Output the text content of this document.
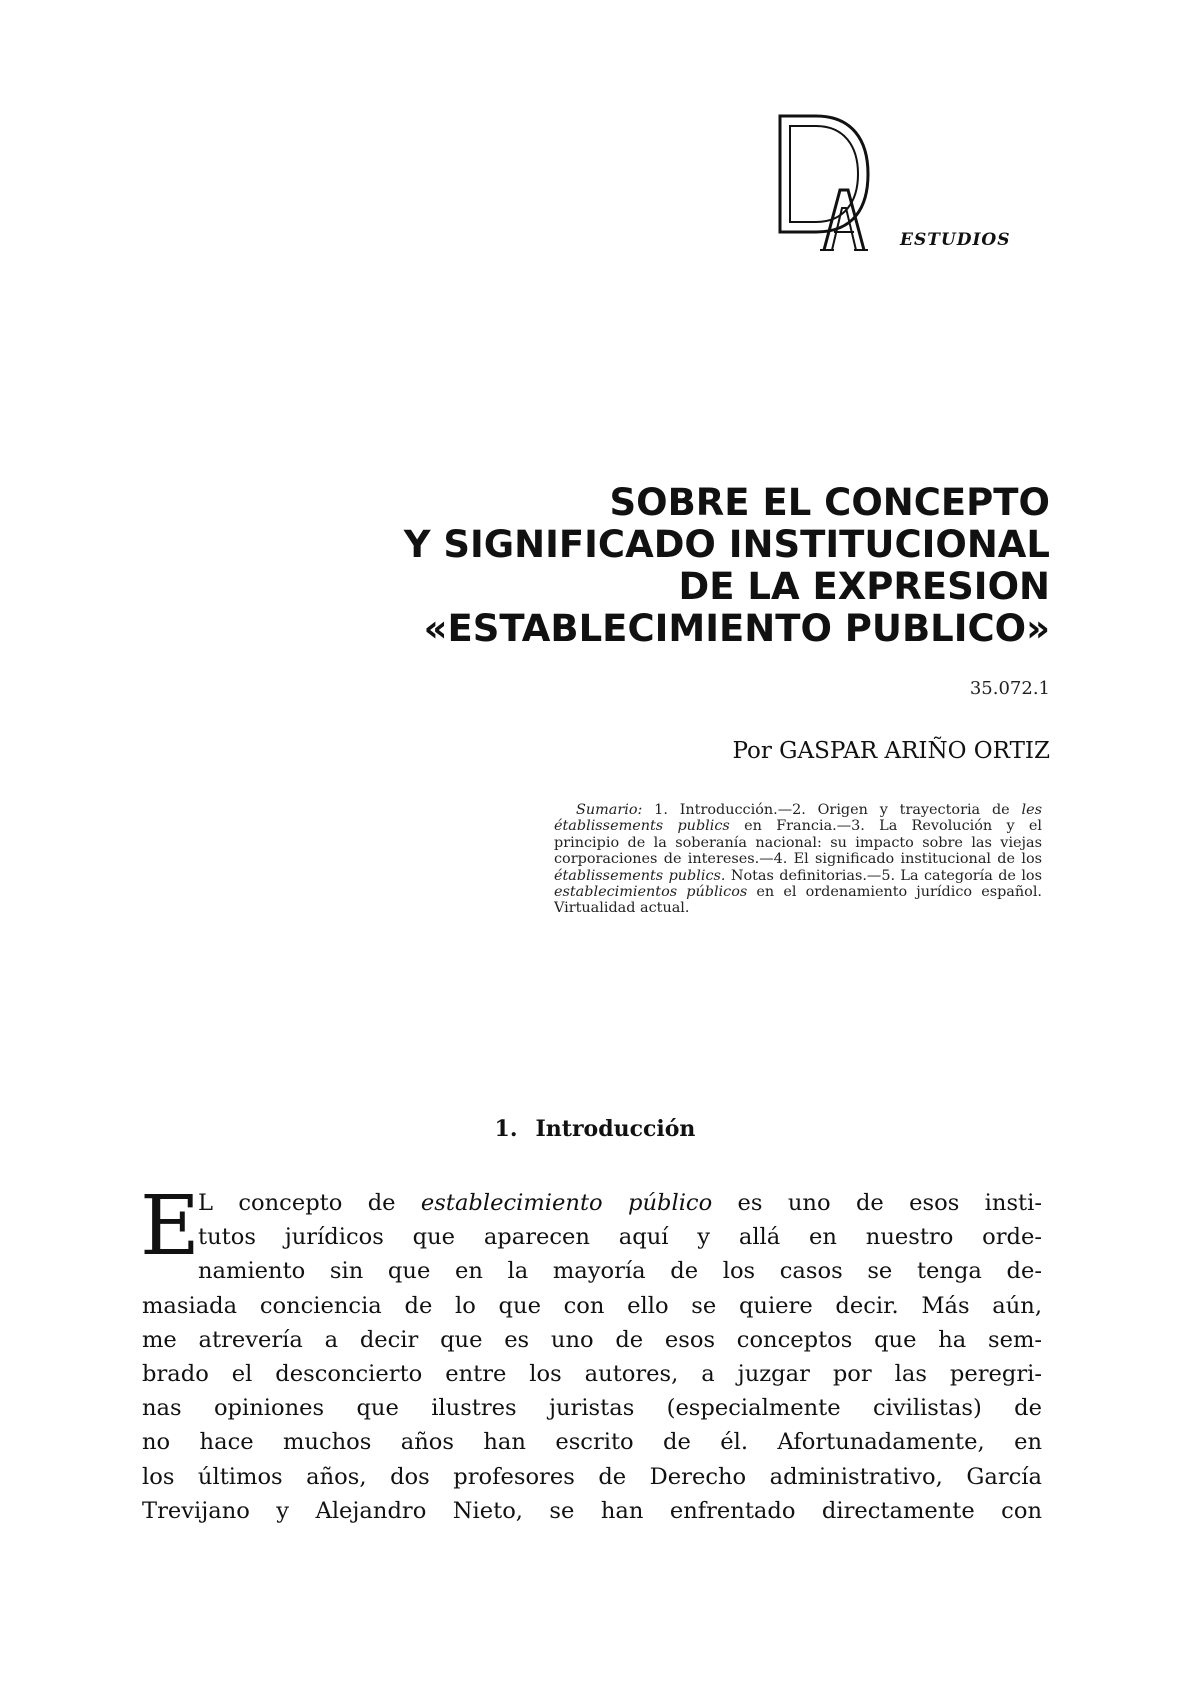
ESTUDIOS
SOBRE EL CONCEPTO
Y SIGNIFICADO INSTITUCIONAL
DE LA EXPRESION
«ESTABLECIMIENTO PUBLICO»
35.072.1
Por GASPAR ARIÑO ORTIZ
Sumario: 1. Introducción.—2. Origen y trayectoria de les établissements publics en Francia.—3. La Revolución y el principio de la soberanía nacional: su impacto sobre las viejas corporaciones de intereses.—4. El significado institucional de los établissements publics. Notas definitorias.—5. La categoría de los establecimientos públicos en el ordenamiento jurídico español. Virtualidad actual.
1. Introducción
E
L concepto de establecimiento público es uno de esos insti-
tutos jurídicos que aparecen aquí y allá en nuestro orde-
namiento sin que en la mayoría de los casos se tenga de-
masiada conciencia de lo que con ello se quiere decir. Más aún,
me atrevería a decir que es uno de esos conceptos que ha sem-
brado el desconcierto entre los autores, a juzgar por las peregri-
nas opiniones que ilustres juristas (especialmente civilistas) de
no hace muchos años han escrito de él. Afortunadamente, en
los últimos años, dos profesores de Derecho administrativo, García
Trevijano y Alejandro Nieto, se han enfrentado directamente con
